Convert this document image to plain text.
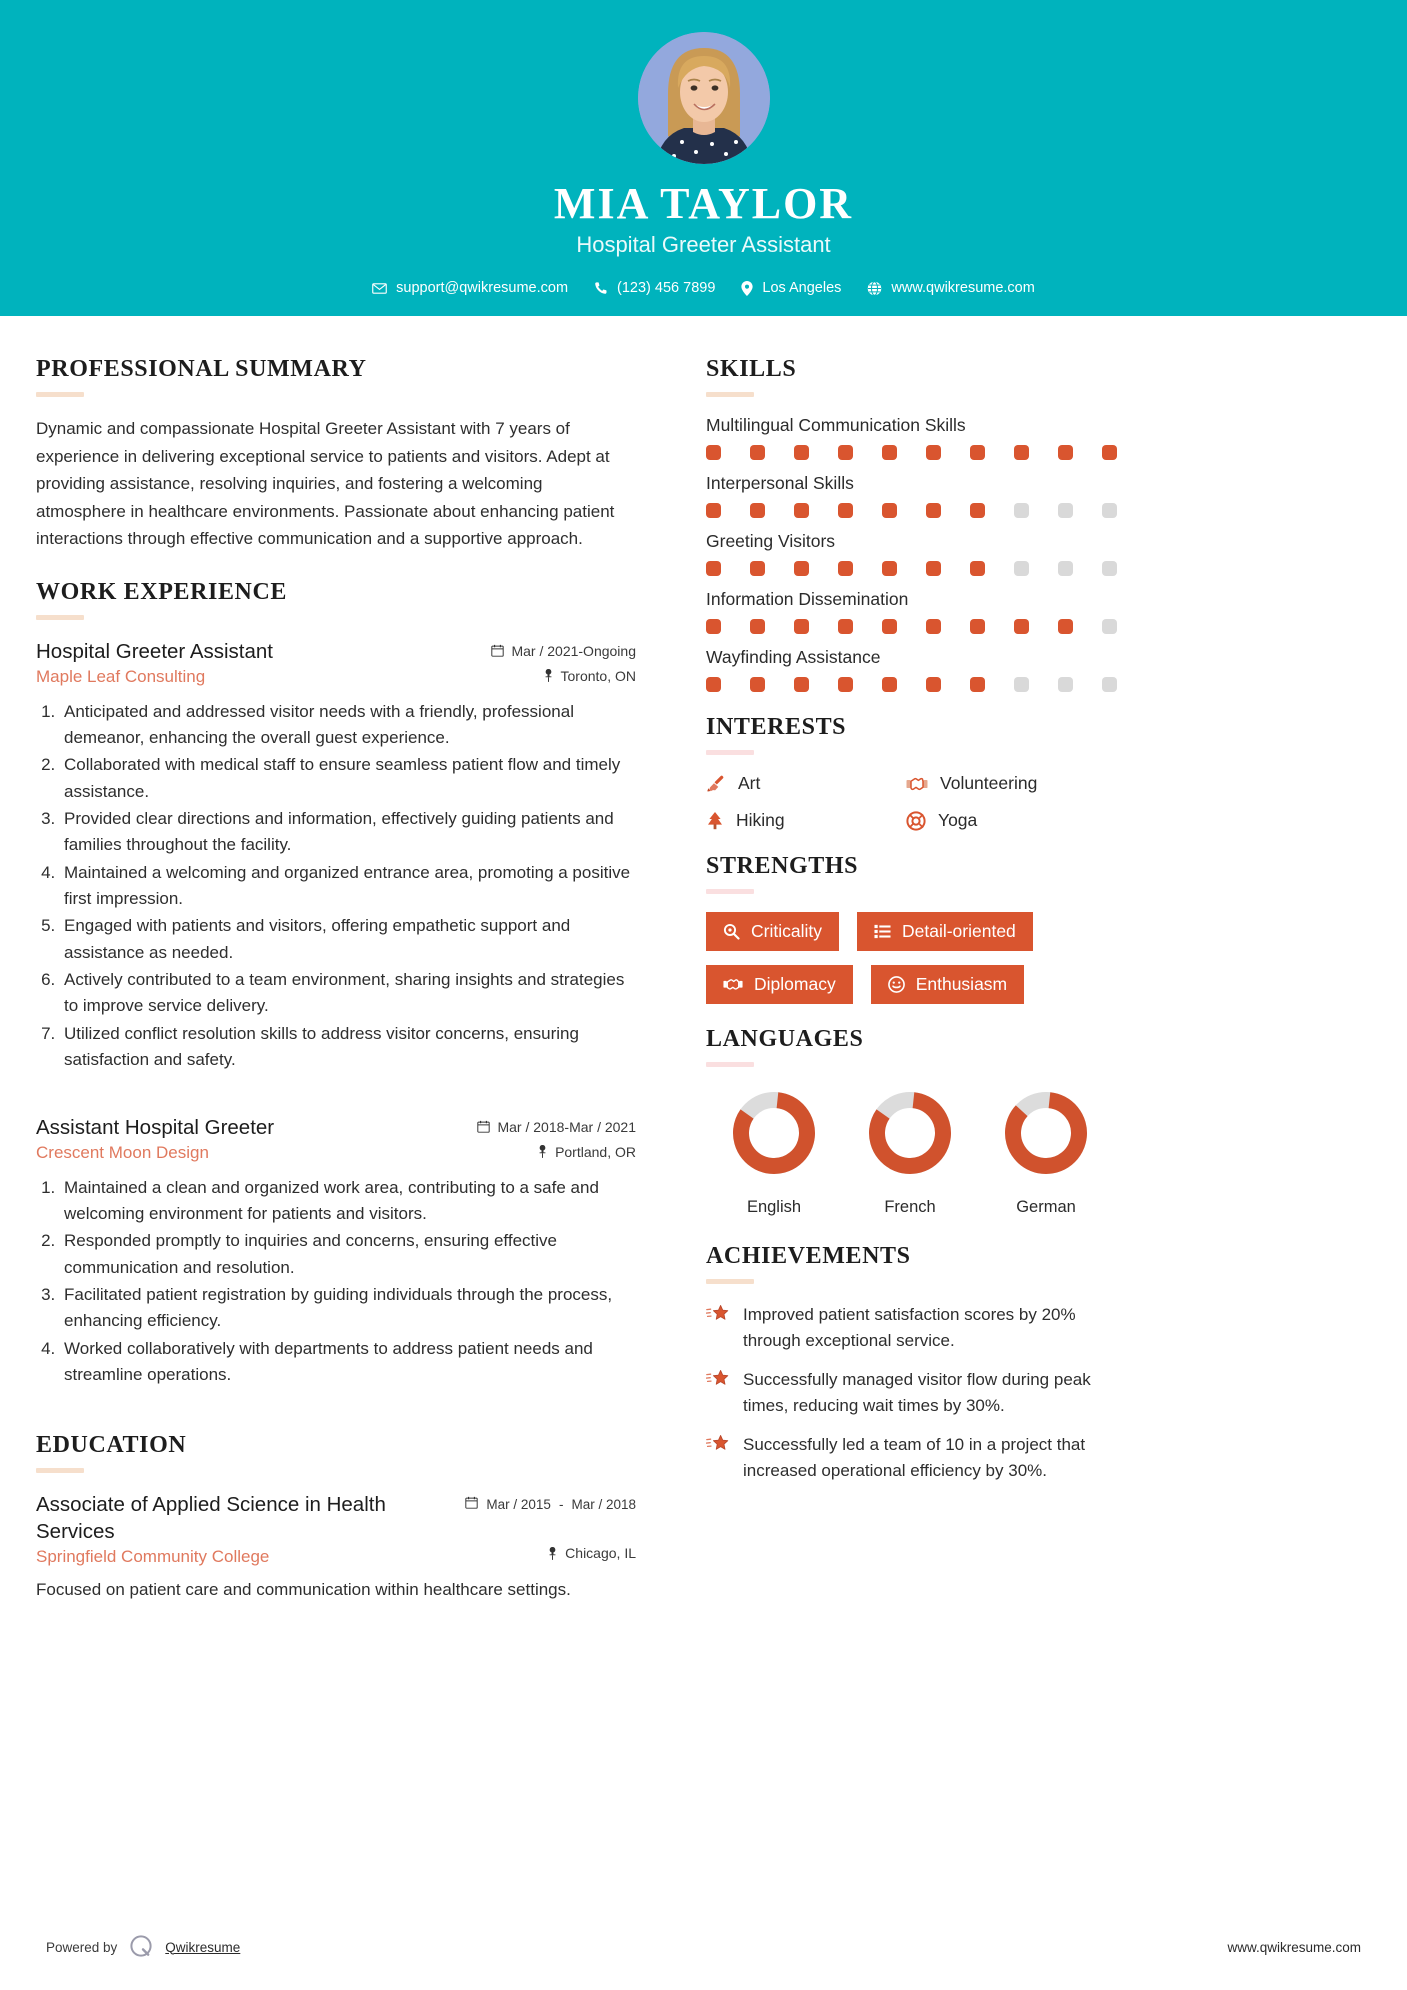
MIA TAYLOR
Hospital Greeter Assistant
support@qwikresume.com	(123) 456 7899	Los Angeles	www.qwikresume.com
PROFESSIONAL SUMMARY
Dynamic and compassionate Hospital Greeter Assistant with 7 years of experience in delivering exceptional service to patients and visitors. Adept at providing assistance, resolving inquiries, and fostering a welcoming atmosphere in healthcare environments. Passionate about enhancing patient interactions through effective communication and a supportive approach.
WORK EXPERIENCE
Hospital Greeter Assistant
Maple Leaf Consulting
Mar / 2021-Ongoing
Toronto, ON
1. Anticipated and addressed visitor needs with a friendly, professional demeanor, enhancing the overall guest experience.
2. Collaborated with medical staff to ensure seamless patient flow and timely assistance.
3. Provided clear directions and information, effectively guiding patients and families throughout the facility.
4. Maintained a welcoming and organized entrance area, promoting a positive first impression.
5. Engaged with patients and visitors, offering empathetic support and assistance as needed.
6. Actively contributed to a team environment, sharing insights and strategies to improve service delivery.
7. Utilized conflict resolution skills to address visitor concerns, ensuring satisfaction and safety.
Assistant Hospital Greeter
Crescent Moon Design
Mar / 2018-Mar / 2021
Portland, OR
1. Maintained a clean and organized work area, contributing to a safe and welcoming environment for patients and visitors.
2. Responded promptly to inquiries and concerns, ensuring effective communication and resolution.
3. Facilitated patient registration by guiding individuals through the process, enhancing efficiency.
4. Worked collaboratively with departments to address patient needs and streamline operations.
EDUCATION
Associate of Applied Science in Health Services
Mar / 2015 - Mar / 2018
Springfield Community College	Chicago, IL
Focused on patient care and communication within healthcare settings.
SKILLS
Multilingual Communication Skills
Interpersonal Skills
Greeting Visitors
Information Dissemination
Wayfinding Assistance
INTERESTS
Art	Volunteering
Hiking	Yoga
STRENGTHS
Criticality	Detail-oriented
Diplomacy	Enthusiasm
LANGUAGES
English	French	German
ACHIEVEMENTS
Improved patient satisfaction scores by 20% through exceptional service.
Successfully managed visitor flow during peak times, reducing wait times by 30%.
Successfully led a team of 10 in a project that increased operational efficiency by 30%.
Powered by	Qwikresume	www.qwikresume.com
